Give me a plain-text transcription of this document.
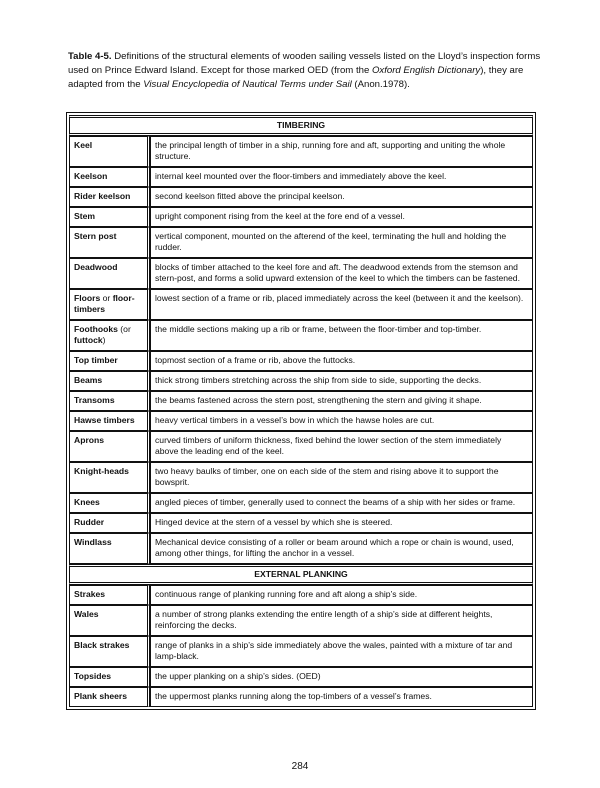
Table 4-5. Definitions of the structural elements of wooden sailing vessels listed on the Lloyd’s inspection forms used on Prince Edward Island. Except for those marked OED (from the Oxford English Dictionary), they are adapted from the Visual Encyclopedia of Nautical Terms under Sail (Anon.1978).
TIMBERING	
Keel	the principal length of timber in a ship, running fore and aft, supporting and uniting the whole structure.
Keelson	internal keel mounted over the floor-timbers and immediately above the keel.
Rider keelson	second keelson fitted above the principal keelson.
Stem	upright component rising from the keel at the fore end of a vessel.
Stern post	vertical component, mounted on the afterend of the keel, terminating the hull and holding the rudder.
Deadwood	blocks of timber attached to the keel fore and aft. The deadwood extends from the stemson and stern-post, and forms a solid upward extension of the keel to which the timbers can be fastened.
Floors or floor-timbers	lowest section of a frame or rib, placed immediately across the keel (between it and the keelson).
Foothooks (or futtock)	the middle sections making up a rib or frame, between the floor-timber and top-timber.
Top timber	topmost section of a frame or rib, above the futtocks.
Beams	thick strong timbers stretching across the ship from side to side, supporting the decks.
Transoms	the beams fastened across the stern post, strengthening the stern and giving it shape.
Hawse timbers	heavy vertical timbers in a vessel’s bow in which the hawse holes are cut.
Aprons	curved timbers of uniform thickness, fixed behind the lower section of the stem immediately above the leading end of the keel.
Knight-heads	two heavy baulks of timber, one on each side of the stem and rising above it to support the bowsprit.
Knees	angled pieces of timber, generally used to connect the beams of a ship with her sides or frame.
Rudder	Hinged device at the stern of a vessel by which she is steered.
Windlass	Mechanical device consisting of a roller or beam around which a rope or chain is wound, used, among other things, for lifting the anchor in a vessel.
EXTERNAL PLANKING	
Strakes	continuous range of planking running fore and aft along a ship’s side.
Wales	a number of strong planks extending the entire length of a ship’s side at different heights, reinforcing the decks.
Black strakes	range of planks in a ship’s side immediately above the wales, painted with a mixture of tar and lamp-black.
Topsides	the upper planking on a ship’s sides. (OED)
Plank sheers	the uppermost planks running along the top-timbers of a vessel’s frames.
284
